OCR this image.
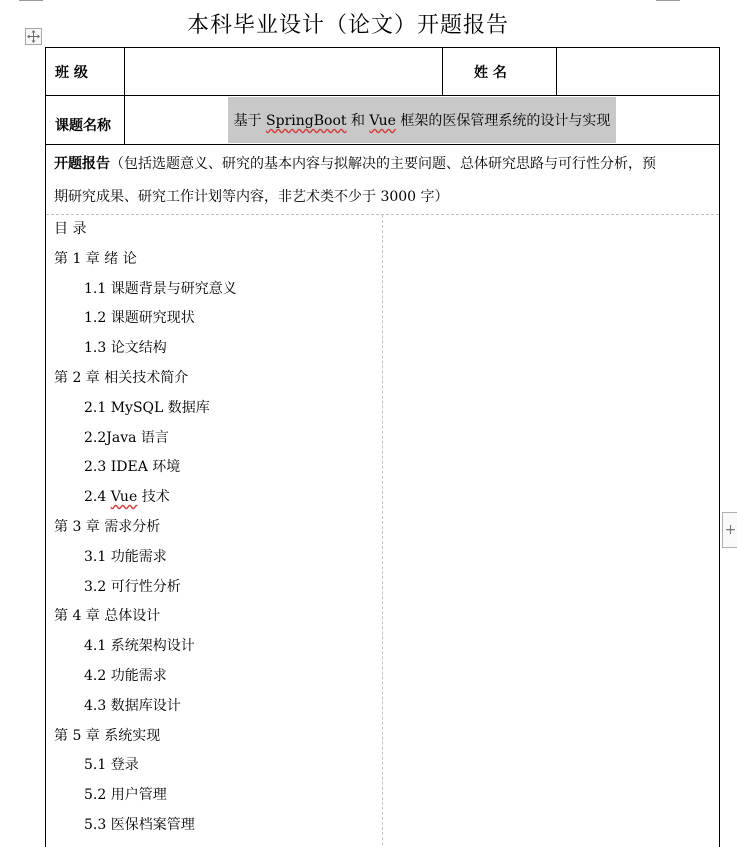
本科毕业设计（论文）开题报告
班 级	姓 名
课题名称	基于 SpringBoot 和 Vue 框架的医保管理系统的设计与实现
开题报告（包括选题意义、研究的基本内容与拟解决的主要问题、总体研究思路与可行性分析，预
期研究成果、研究工作计划等内容，非艺术类不少于 3000 字）
目 录
第 1 章 绪 论
1.1 课题背景与研究意义
1.2 课题研究现状
1.3 论文结构
第 2 章 相关技术简介
2.1 MySQL 数据库
2.2Java 语言
2.3 IDEA 环境
2.4 Vue 技术
第 3 章 需求分析
3.1 功能需求
3.2 可行性分析
第 4 章 总体设计
4.1 系统架构设计
4.2 功能需求
4.3 数据库设计
第 5 章 系统实现
5.1 登录
5.2 用户管理
5.3 医保档案管理
+
